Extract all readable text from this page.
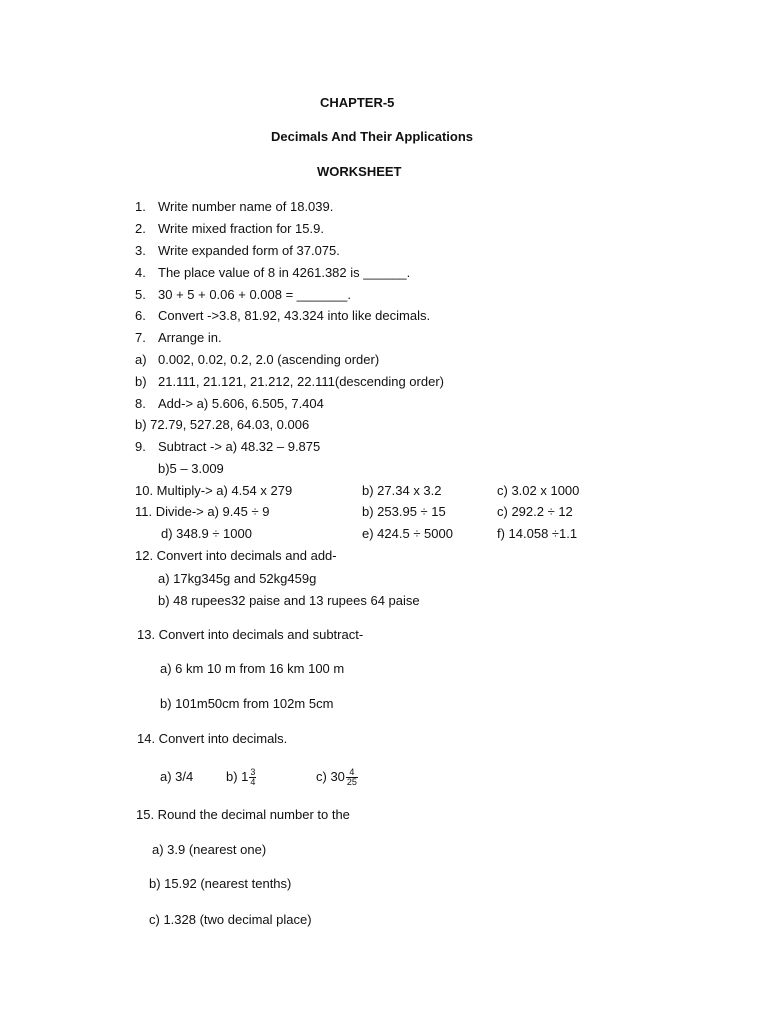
CHAPTER-5
Decimals And Their Applications
WORKSHEET
1. Write number name of 18.039.
2. Write mixed fraction for 15.9.
3. Write expanded form of 37.075.
4. The place value of 8 in 4261.382 is ______.
5. 30 + 5 + 0.06 + 0.008 = _______.
6. Convert ->3.8, 81.92, 43.324 into like decimals.
7. Arrange in.
a) 0.002, 0.02, 0.2, 2.0 (ascending order)
b) 21.111, 21.121, 21.212, 22.111(descending order)
8. Add-> a) 5.606, 6.505, 7.404
b) 72.79, 527.28, 64.03, 0.006
9. Subtract -> a) 48.32 – 9.875
b)5 – 3.009
10. Multiply-> a) 4.54 x 279	b) 27.34 x 3.2	c) 3.02 x 1000
11. Divide-> a) 9.45 ÷ 9	b) 253.95 ÷ 15	c) 292.2 ÷ 12
d) 348.9 ÷ 1000	e) 424.5 ÷ 5000	f) 14.058 ÷1.1
12. Convert into decimals and add-
a) 17kg345g and 52kg459g
b) 48 rupees32 paise and 13 rupees 64 paise
13. Convert into decimals and subtract-
a) 6 km 10 m from 16 km 100 m
b) 101m50cm from 102m 5cm
14. Convert into decimals.
a) 3/4	b) $1 \frac{3}{4}$	c) $30 \frac{4}{25}$
15. Round the decimal number to the
a) 3.9 (nearest one)
b) 15.92 (nearest tenths)
c) 1.328 (two decimal place)
